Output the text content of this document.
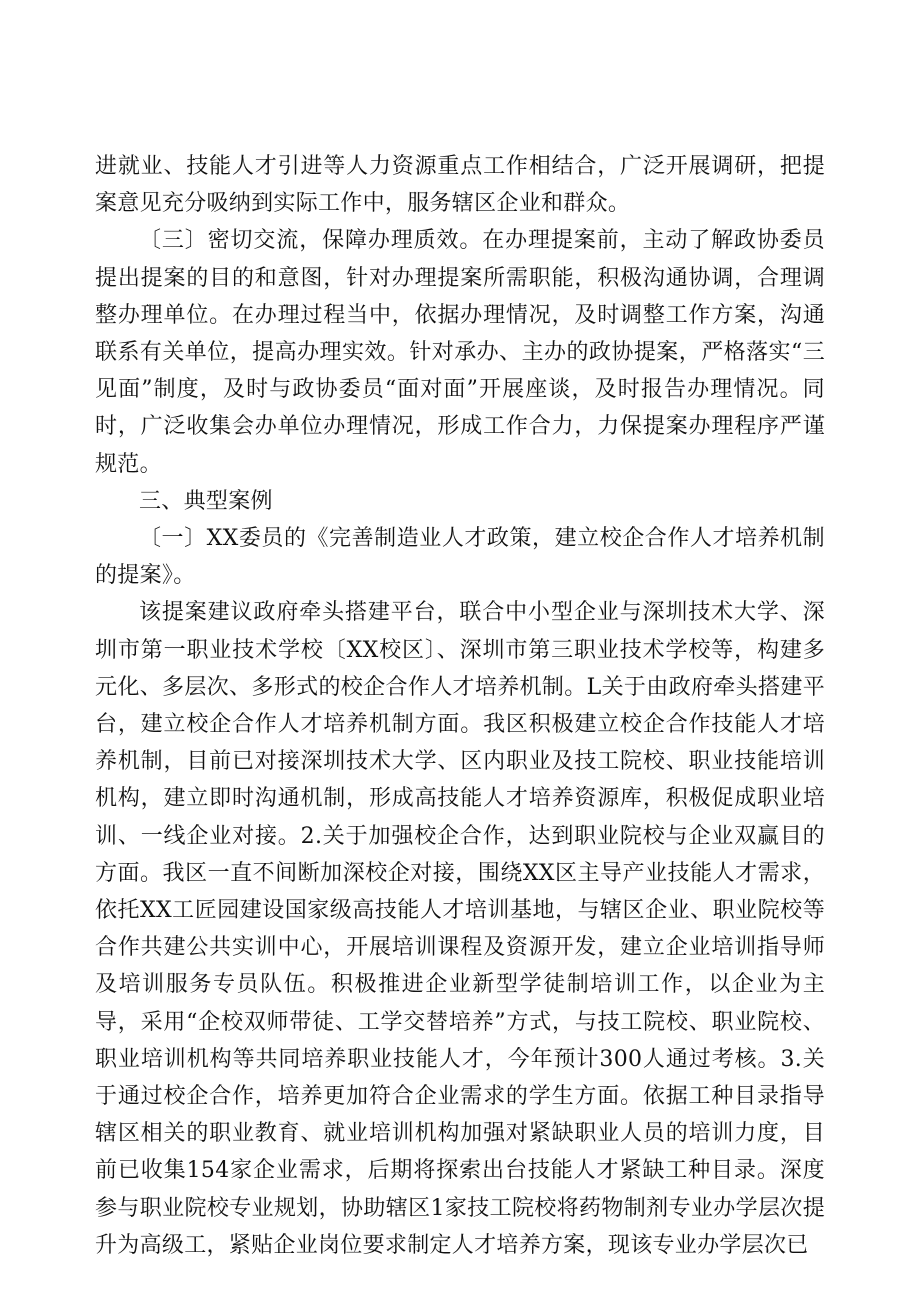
进就业、技能人才引进等人力资源重点工作相结合，广泛开展调研，把提案意见充分吸纳到实际工作中，服务辖区企业和群众。

〔三〕密切交流，保障办理质效。在办理提案前，主动了解政协委员提出提案的目的和意图，针对办理提案所需职能，积极沟通协调，合理调整办理单位。在办理过程当中，依据办理情况，及时调整工作方案，沟通联系有关单位，提高办理实效。针对承办、主办的政协提案，严格落实“三见面”制度，及时与政协委员“面对面”开展座谈，及时报告办理情况。同时，广泛收集会办单位办理情况，形成工作合力，力保提案办理程序严谨规范。

三、典型案例

〔一〕XX委员的《完善制造业人才政策，建立校企合作人才培养机制的提案》。

该提案建议政府牵头搭建平台，联合中小型企业与深圳技术大学、深圳市第一职业技术学校〔XX校区〕、深圳市第三职业技术学校等，构建多元化、多层次、多形式的校企合作人才培养机制。L关于由政府牵头搭建平台，建立校企合作人才培养机制方面。我区积极建立校企合作技能人才培养机制，目前已对接深圳技术大学、区内职业及技工院校、职业技能培训机构，建立即时沟通机制，形成高技能人才培养资源库，积极促成职业培训、一线企业对接。2.关于加强校企合作，达到职业院校与企业双赢目的方面。我区一直不间断加深校企对接，围绕XX区主导产业技能人才需求，依托XX工匠园建设国家级高技能人才培训基地，与辖区企业、职业院校等合作共建公共实训中心，开展培训课程及资源开发，建立企业培训指导师及培训服务专员队伍。积极推进企业新型学徒制培训工作，以企业为主导，采用“企校双师带徒、工学交替培养”方式，与技工院校、职业院校、职业培训机构等共同培养职业技能人才，今年预计300人通过考核。3.关于通过校企合作，培养更加符合企业需求的学生方面。依据工种目录指导辖区相关的职业教育、就业培训机构加强对紧缺职业人员的培训力度，目前已收集154家企业需求，后期将探索出台技能人才紧缺工种目录。深度参与职业院校专业规划，协助辖区1家技工院校将药物制剂专业办学层次提升为高级工，紧贴企业岗位要求制定人才培养方案，现该专业办学层次已
